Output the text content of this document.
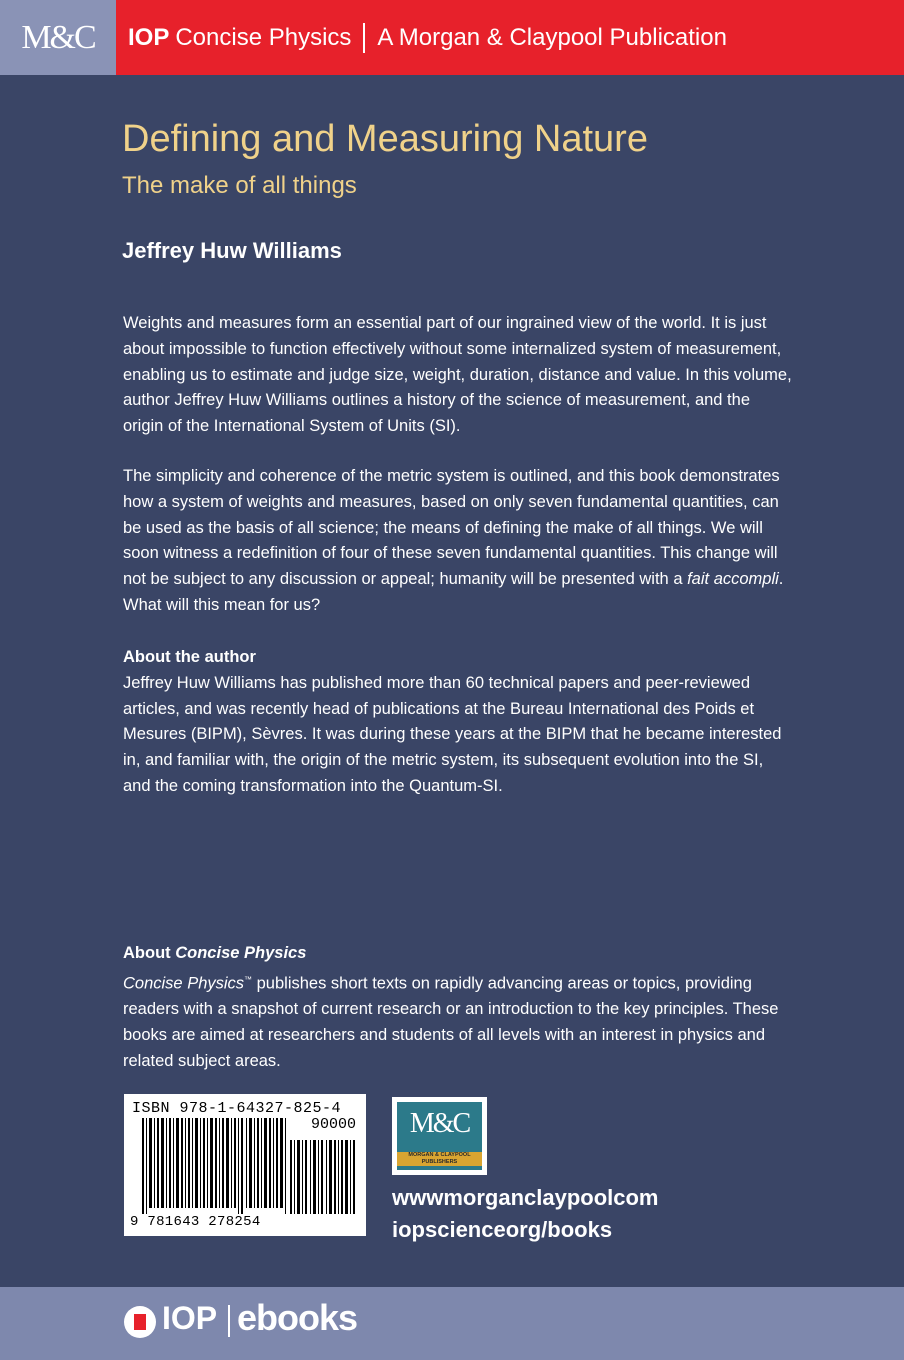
M&C IOP Concise Physics A Morgan & Claypool Publication
Defining and Measuring Nature
The make of all things
Jeffrey Huw Williams

Weights and measures form an essential part of our ingrained view of the world. It is just about impossible to function effectively without some internalized system of measurement, enabling us to estimate and judge size, weight, duration, distance and value. In this volume, author Jeffrey Huw Williams outlines a history of the science of measurement, and the origin of the International System of Units (SI).

The simplicity and coherence of the metric system is outlined, and this book demonstrates how a system of weights and measures, based on only seven fundamental quantities, can be used as the basis of all science; the means of defining the make of all things. We will soon witness a redefinition of four of these seven fundamental quantities. This change will not be subject to any discussion or appeal; humanity will be presented with a fait accompli. What will this mean for us?

About the author
Jeffrey Huw Williams has published more than 60 technical papers and peer-reviewed articles, and was recently head of publications at the Bureau International des Poids et Mesures (BIPM), Sèvres. It was during these years at the BIPM that he became interested in, and familiar with, the origin of the metric system, its subsequent evolution into the SI, and the coming transformation into the Quantum-SI.

About Concise Physics
Concise Physics™ publishes short texts on rapidly advancing areas or topics, providing readers with a snapshot of current research or an introduction to the key principles. These books are aimed at researchers and students of all levels with an interest in physics and related subject areas.

ISBN 978-1-64327-825-4
90000
9 781643 278254
M&C
MORGAN & CLAYPOOL PUBLISHERS
wwwmorganclaypoolcom
iopscienceorg/books
IOP ebooks
